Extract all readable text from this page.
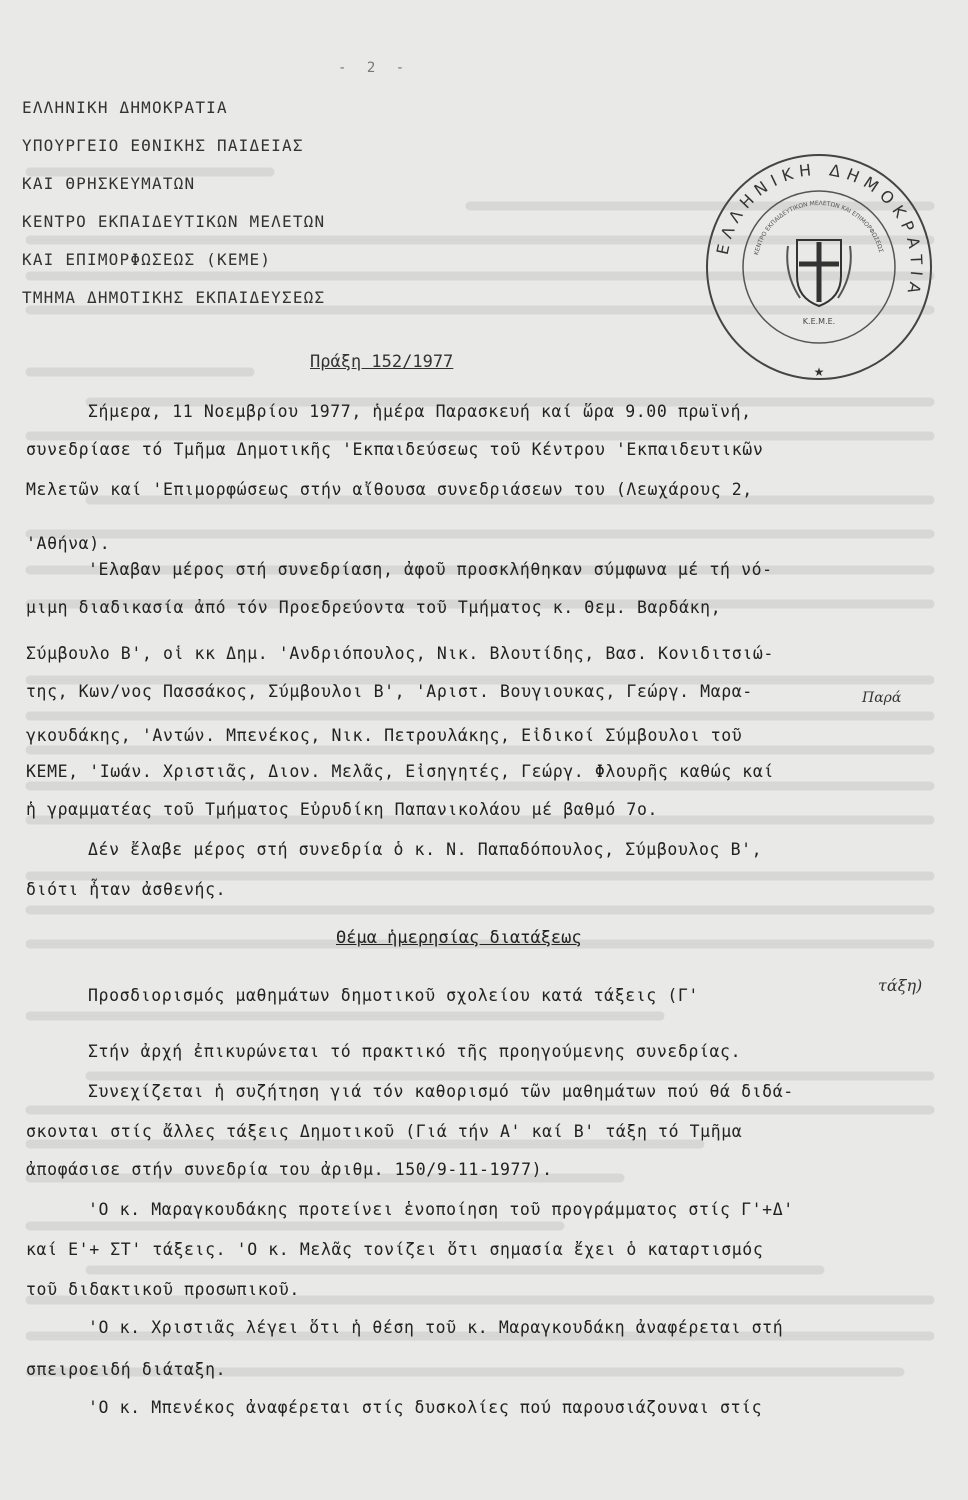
- 2 -
ΕΛΛΗΝΙΚΗ ΔΗΜΟΚΡΑΤΙΑ
ΥΠΟΥΡΓΕΙΟ ΕΘΝΙΚΗΣ ΠΑΙΔΕΙΑΣ
ΚΑΙ ΘΡΗΣΚΕΥΜΑΤΩΝ
ΚΕΝΤΡΟ ΕΚΠΑΙΔΕΥΤΙΚΩΝ ΜΕΛΕΤΩΝ
ΚΑΙ ΕΠΙΜΟΡΦΩΣΕΩΣ (ΚΕΜΕ)
ΤΜΗΜΑ ΔΗΜΟΤΙΚΗΣ ΕΚΠΑΙΔΕΥΣΕΩΣ
ΕΛΛΗΝΙΚΗ ΔΗΜΟΚΡΑΤΙΑ
ΚΕΝΤΡΟ ΕΚΠΑΙΔΕΥΤΙΚΩΝ ΜΕΛΕΤΩΝ ΚΑΙ ΕΠΙΜΟΡΦΩΣΕΩΣ
Κ.Ε.Μ.Ε.
★
Πράξη 152/1977
Σήμερα, 11 Νοεμβρίου 1977, ἡμέρα Παρασκευή καί ὥρα 9.00 πρωϊνή,
συνεδρίασε τό Τμῆμα Δημοτικῆς 'Εκπαιδεύσεως τοῦ Κέντρου 'Εκπαιδευτικῶν
Μελετῶν καί 'Επιμορφώσεως στήν αἴθουσα συνεδριάσεων του (Λεωχάρους 2,
'Αθήνα).
'Ελαβαν μέρος στή συνεδρίαση, ἀφοῦ προσκλήθηκαν σύμφωνα μέ τή νό-
μιμη διαδικασία ἀπό τόν Προεδρεύοντα τοῦ Τμήματος κ. Θεμ. Βαρδάκη,
Σύμβουλο Β', οἱ κκ Δημ. 'Ανδριόπουλος, Νικ. Βλουτίδης, Βασ. Κονιδιτσιώ-
της, Κων/νος Πασσάκος, Σύμβουλοι Β', 'Αριστ. Βουγιουκας, Γεώργ. Μαρα-
γκουδάκης, 'Αντών. Μπενέκος, Νικ. Πετρουλάκης, Εἰδικοί Σύμβουλοι τοῦ
ΚΕΜΕ, 'Ιωάν. Χριστιᾶς, Διον. Μελᾶς, Εἰσηγητές, Γεώργ. Φλουρῆς καθώς καί
ἡ γραμματέας τοῦ Τμήματος Εὐρυδίκη Παπανικολάου μέ βαθμό 7ο.
Δέν ἔλαβε μέρος στή συνεδρία ὁ κ. Ν. Παπαδόπουλος, Σύμβουλος Β',
διότι ἦταν ἀσθενής.
Θέμα ἡμερησίας διατάξεως
Προσδιορισμός μαθημάτων δημοτικοῦ σχολείου κατά τάξεις (Γ'
Στήν ἀρχή ἐπικυρώνεται τό πρακτικό τῆς προηγούμενης συνεδρίας.
Συνεχίζεται ἡ συζήτηση γιά τόν καθορισμό τῶν μαθημάτων πού θά διδά-
σκονται στίς ἄλλες τάξεις Δημοτικοῦ (Γιά τήν Α' καί Β' τάξη τό Τμῆμα
ἀποφάσισε στήν συνεδρία του ἀριθμ. 150/9-11-1977).
'Ο κ. Μαραγκουδάκης προτείνει ἑνοποίηση τοῦ προγράμματος στίς Γ'+Δ'
καί Ε'+ ΣΤ' τάξεις. 'Ο κ. Μελᾶς τονίζει ὅτι σημασία ἔχει ὁ καταρτισμός
τοῦ διδακτικοῦ προσωπικοῦ.
'Ο κ. Χριστιᾶς λέγει ὅτι ἡ θέση τοῦ κ. Μαραγκουδάκη ἀναφέρεται στή
σπειροειδή διάταξη.
'Ο κ. Μπενέκος ἀναφέρεται στίς δυσκολίες πού παρουσιάζουναι στίς
Παρά
τάξη)
